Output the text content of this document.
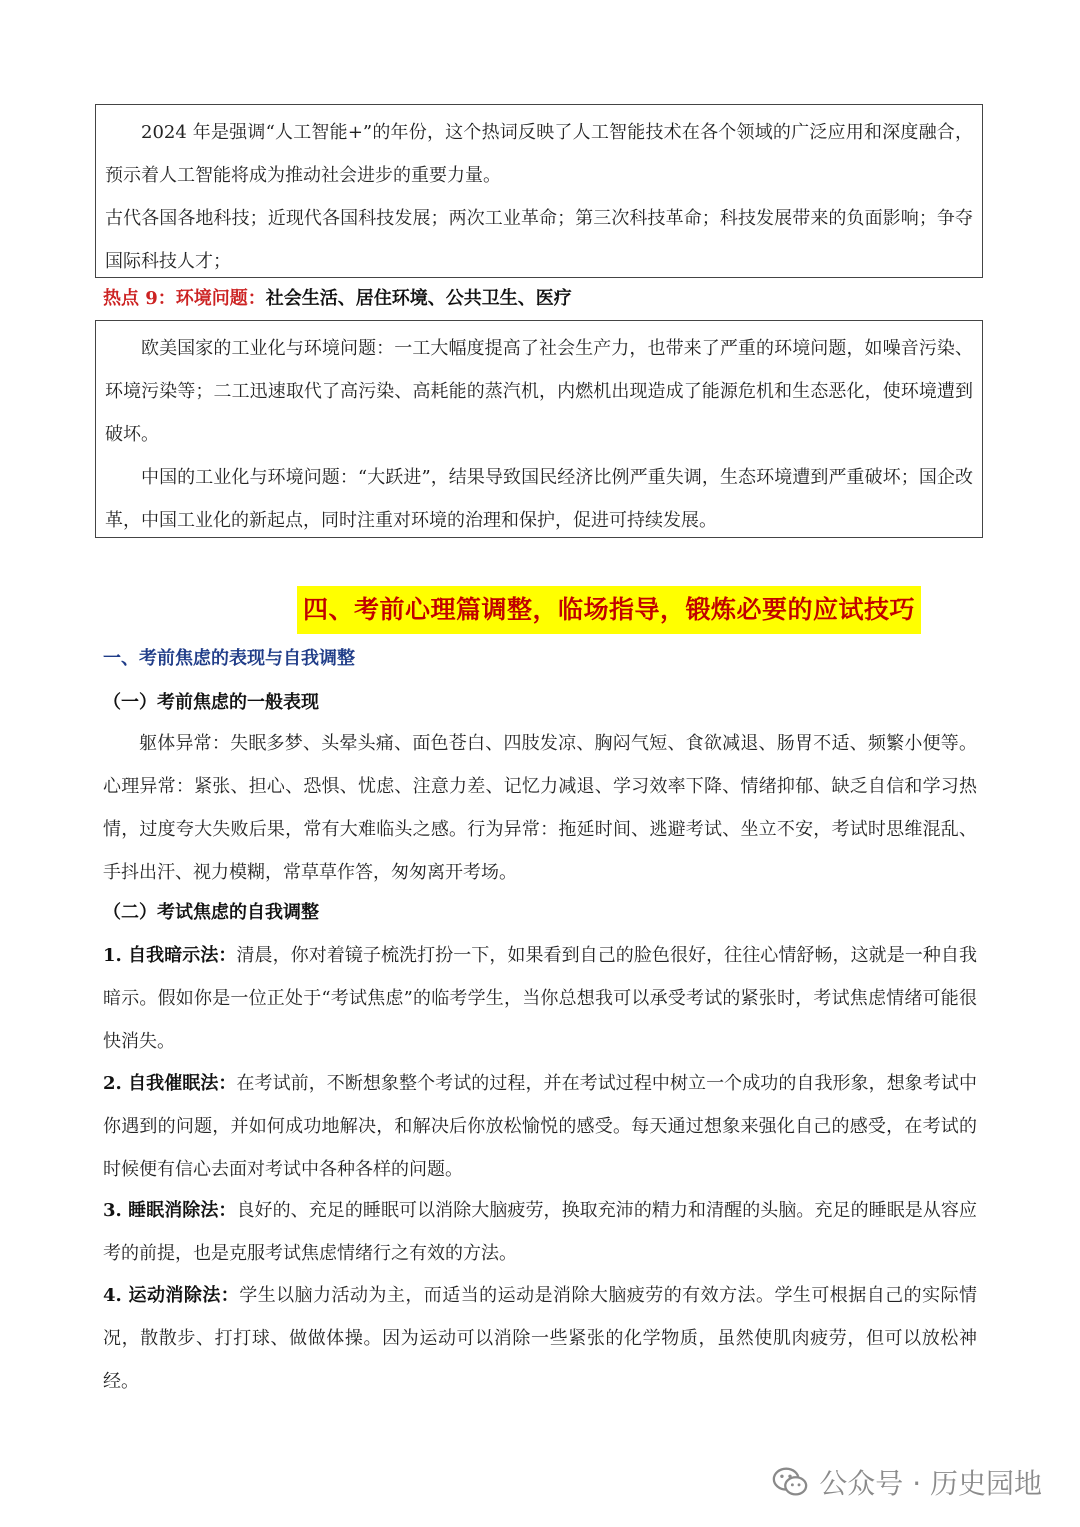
2024 年是强调“人工智能+”的年份，这个热词反映了人工智能技术在各个领域的广泛应用和深度融合，预示着人工智能将成为推动社会进步的重要力量。

古代各国各地科技；近现代各国科技发展；两次工业革命；第三次科技革命；科技发展带来的负面影响；争夺国际科技人才；

热点 9：环境问题：社会生活、居住环境、公共卫生、医疗

欧美国家的工业化与环境问题：一工大幅度提高了社会生产力，也带来了严重的环境问题，如噪音污染、环境污染等；二工迅速取代了高污染、高耗能的蒸汽机，内燃机出现造成了能源危机和生态恶化，使环境遭到破坏。

中国的工业化与环境问题：“大跃进”，结果导致国民经济比例严重失调，生态环境遭到严重破坏；国企改革，中国工业化的新起点，同时注重对环境的治理和保护，促进可持续发展。

四、考前心理篇调整，临场指导，锻炼必要的应试技巧
一、考前焦虑的表现与自我调整
（一）考前焦虑的一般表现

躯体异常：失眠多梦、头晕头痛、面色苍白、四肢发凉、胸闷气短、食欲减退、肠胃不适、频繁小便等。心理异常：紧张、担心、恐惧、忧虑、注意力差、记忆力减退、学习效率下降、情绪抑郁、缺乏自信和学习热情，过度夸大失败后果，常有大难临头之感。行为异常：拖延时间、逃避考试、坐立不安，考试时思维混乱、手抖出汗、视力模糊，常草草作答，匆匆离开考场。

（二）考试焦虑的自我调整

1. 自我暗示法：清晨，你对着镜子梳洗打扮一下，如果看到自己的脸色很好，往往心情舒畅，这就是一种自我暗示。假如你是一位正处于“考试焦虑”的临考学生，当你总想我可以承受考试的紧张时，考试焦虑情绪可能很快消失。

2. 自我催眠法：在考试前，不断想象整个考试的过程，并在考试过程中树立一个成功的自我形象，想象考试中你遇到的问题，并如何成功地解决，和解决后你放松愉悦的感受。每天通过想象来强化自己的感受，在考试的时候便有信心去面对考试中各种各样的问题。

3. 睡眠消除法：良好的、充足的睡眠可以消除大脑疲劳，换取充沛的精力和清醒的头脑。充足的睡眠是从容应考的前提，也是克服考试焦虑情绪行之有效的方法。

4. 运动消除法：学生以脑力活动为主，而适当的运动是消除大脑疲劳的有效方法。学生可根据自己的实际情况，散散步、打打球、做做体操。因为运动可以消除一些紧张的化学物质，虽然使肌肉疲劳，但可以放松神经。

公众号 · 历史园地
